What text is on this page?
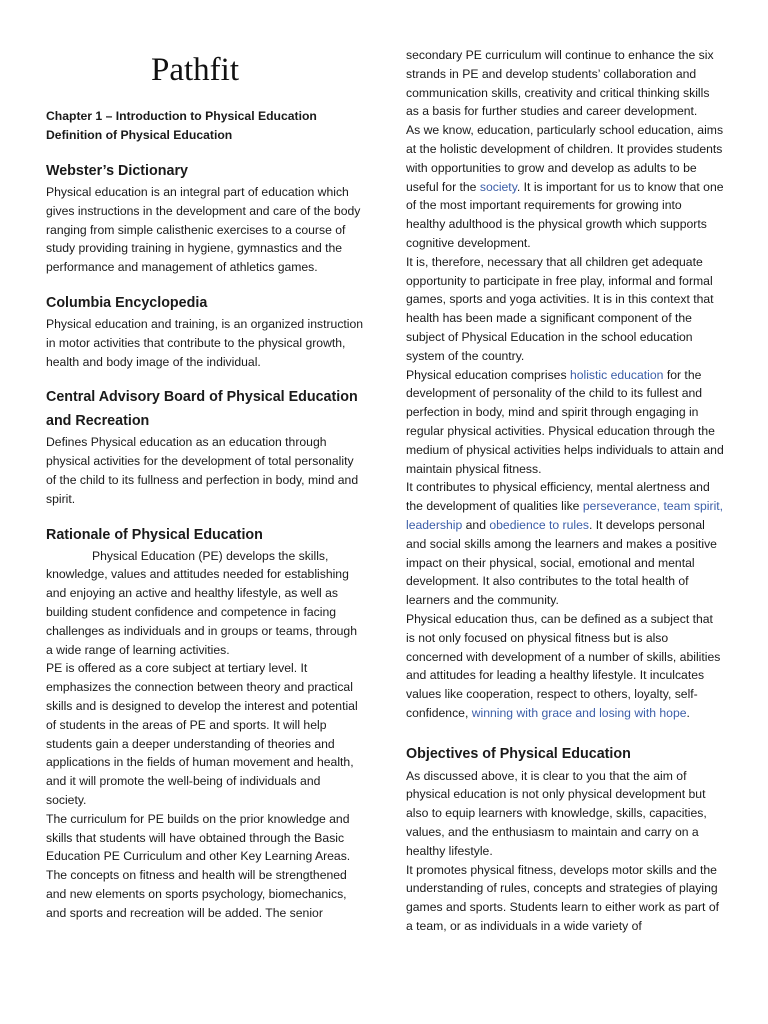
Pathfit
Chapter 1 – Introduction to Physical Education
Definition of Physical Education
Webster’s Dictionary

Physical education is an integral part of education which gives instructions in the development and care of the body ranging from simple calisthenic exercises to a course of study providing training in hygiene, gymnastics and the performance and management of athletics games.

Columbia Encyclopedia

Physical education and training, is an organized instruction in motor activities that contribute to the physical growth, health and body image of the individual.

Central Advisory Board of Physical Education and Recreation

Defines Physical education as an education through physical activities for the development of total personality of the child to its fullness and perfection in body, mind and spirit.

Rationale of Physical Education

Physical Education (PE) develops the skills, knowledge, values and attitudes needed for establishing and enjoying an active and healthy lifestyle, as well as building student confidence and competence in facing challenges as individuals and in groups or teams, through a wide range of learning activities.

PE is offered as a core subject at tertiary level. It emphasizes the connection between theory and practical skills and is designed to develop the interest and potential of students in the areas of PE and sports. It will help students gain a deeper understanding of theories and applications in the fields of human movement and health, and it will promote the well-being of individuals and society.

The curriculum for PE builds on the prior knowledge and skills that students will have obtained through the Basic Education PE Curriculum and other Key Learning Areas. The concepts on fitness and health will be strengthened and new elements on sports psychology, biomechanics, and sports and recreation will be added. The senior

secondary PE curriculum will continue to enhance the six strands in PE and develop students’ collaboration and communication skills, creativity and critical thinking skills as a basis for further studies and career development.

As we know, education, particularly school education, aims at the holistic development of children. It provides students with opportunities to grow and develop as adults to be useful for the society. It is important for us to know that one of the most important requirements for growing into healthy adulthood is the physical growth which supports cognitive development.

It is, therefore, necessary that all children get adequate opportunity to participate in free play, informal and formal games, sports and yoga activities. It is in this context that health has been made a significant component of the subject of Physical Education in the school education system of the country.

Physical education comprises holistic education for the development of personality of the child to its fullest and perfection in body, mind and spirit through engaging in regular physical activities. Physical education through the medium of physical activities helps individuals to attain and maintain physical fitness.

It contributes to physical efficiency, mental alertness and the development of qualities like perseverance, team spirit, leadership and obedience to rules. It develops personal and social skills among the learners and makes a positive impact on their physical, social, emotional and mental development. It also contributes to the total health of learners and the community.

Physical education thus, can be defined as a subject that is not only focused on physical fitness but is also concerned with development of a number of skills, abilities and attitudes for leading a healthy lifestyle. It inculcates values like cooperation, respect to others, loyalty, self-confidence, winning with grace and losing with hope.

Objectives of Physical Education

As discussed above, it is clear to you that the aim of physical education is not only physical development but also to equip learners with knowledge, skills, capacities, values, and the enthusiasm to maintain and carry on a healthy lifestyle.

It promotes physical fitness, develops motor skills and the understanding of rules, concepts and strategies of playing games and sports. Students learn to either work as part of a team, or as individuals in a wide variety of
